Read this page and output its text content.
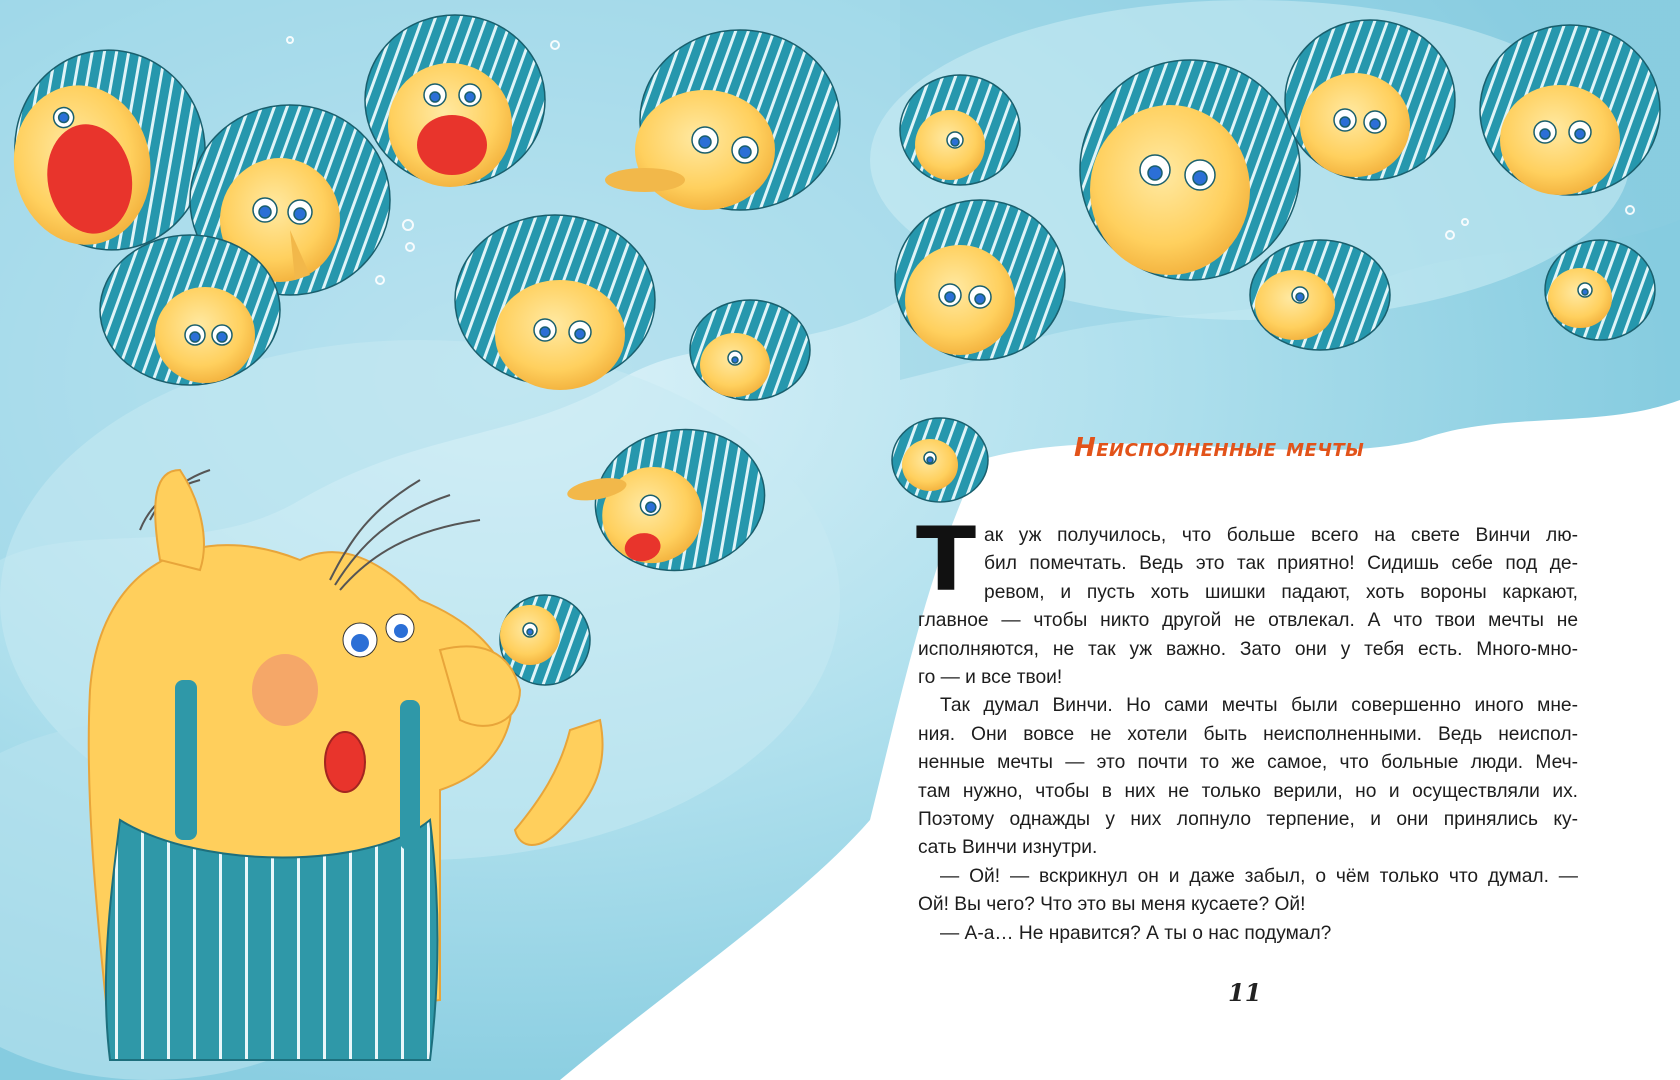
Неисполненные мечты
Т ак уж получилось, что больше всего на свете Винчи лю-

бил помечтать. Ведь это так приятно! Сидишь себе под де-

ревом, и пусть хоть шишки падают, хоть вороны каркают,

главное — чтобы никто другой не отвлекал. А что твои мечты не

исполняются, не так уж важно. Зато они у тебя есть. Много-мно-

го — и все твои!

Так думал Винчи. Но сами мечты были совершенно иного мне-

ния. Они вовсе не хотели быть неисполненными. Ведь неиспол-

ненные мечты — это почти то же самое, что больные люди. Меч-

там нужно, чтобы в них не только верили, но и осуществляли их.

Поэтому однажды у них лопнуло терпение, и они принялись ку-

сать Винчи изнутри.

— Ой! — вскрикнул он и даже забыл, о чём только что думал. —

Ой! Вы чего? Что это вы меня кусаете? Ой!

— А-а… Не нравится? А ты о нас подумал?

11
